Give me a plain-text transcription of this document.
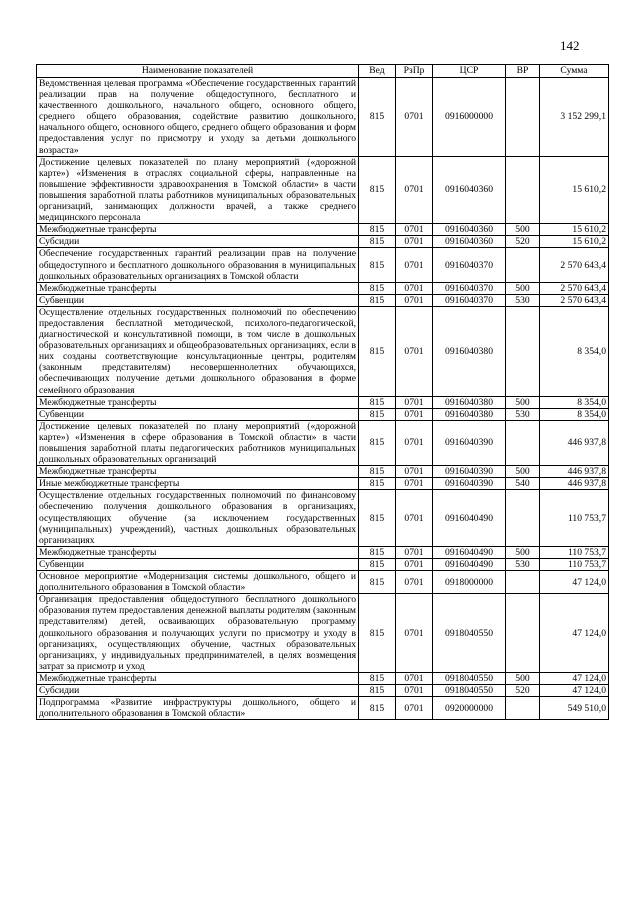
142
Наименование показателей	Вед	РзПр	ЦСР	ВР	Сумма
Ведомственная целевая программа «Обеспечение государственных гарантий реализации прав на получение общедоступного, бесплатного и качественного дошкольного, начального общего, основного общего, среднего общего образования, содействие развитию дошкольного, начального общего, основного общего, среднего общего образования и форм предоставления услуг по присмотру и уходу за детьми дошкольного возраста»	815	0701	0916000000		3 152 299,1
Достижение целевых показателей по плану мероприятий («дорожной карте») «Изменения в отраслях социальной сферы, направленные на повышение эффективности здравоохранения в Томской области» в части повышения заработной платы работников муниципальных образовательных организаций, занимающих должности врачей, а также среднего медицинского персонала	815	0701	0916040360		15 610,2
Межбюджетные трансферты	815	0701	0916040360	500	15 610,2
Субсидии	815	0701	0916040360	520	15 610,2
Обеспечение государственных гарантий реализации прав на получение общедоступного и бесплатного дошкольного образования в муниципальных дошкольных образовательных организациях в Томской области	815	0701	0916040370		2 570 643,4
Межбюджетные трансферты	815	0701	0916040370	500	2 570 643,4
Субвенции	815	0701	0916040370	530	2 570 643,4
Осуществление отдельных государственных полномочий по обеспечению предоставления бесплатной методической, психолого-педагогической, диагностической и консультативной помощи, в том числе в дошкольных образовательных организациях и общеобразовательных организациях, если в них созданы соответствующие консультационные центры, родителям (законным представителям) несовершеннолетних обучающихся, обеспечивающих получение детьми дошкольного образования в форме семейного образования	815	0701	0916040380		8 354,0
Межбюджетные трансферты	815	0701	0916040380	500	8 354,0
Субвенции	815	0701	0916040380	530	8 354,0
Достижение целевых показателей по плану мероприятий («дорожной карте») «Изменения в сфере образования в Томской области» в части повышения заработной платы педагогических работников муниципальных дошкольных образовательных организаций	815	0701	0916040390		446 937,8
Межбюджетные трансферты	815	0701	0916040390	500	446 937,8
Иные межбюджетные трансферты	815	0701	0916040390	540	446 937,8
Осуществление отдельных государственных полномочий по финансовому обеспечению получения дошкольного образования в организациях, осуществляющих обучение (за исключением государственных (муниципальных) учреждений), частных дошкольных образовательных организациях	815	0701	0916040490		110 753,7
Межбюджетные трансферты	815	0701	0916040490	500	110 753,7
Субвенции	815	0701	0916040490	530	110 753,7
Основное мероприятие «Модернизация системы дошкольного, общего и дополнительного образования в Томской области»	815	0701	0918000000		47 124,0
Организация предоставления общедоступного бесплатного дошкольного образования путем предоставления денежной выплаты родителям (законным представителям) детей, осваивающих образовательную программу дошкольного образования и получающих услуги по присмотру и уходу в организациях, осуществляющих обучение, частных образовательных организациях, у индивидуальных предпринимателей, в целях возмещения затрат за присмотр и уход	815	0701	0918040550		47 124,0
Межбюджетные трансферты	815	0701	0918040550	500	47 124,0
Субсидии	815	0701	0918040550	520	47 124,0
Подпрограмма «Развитие инфраструктуры дошкольного, общего и дополнительного образования в Томской области»	815	0701	0920000000		549 510,0
